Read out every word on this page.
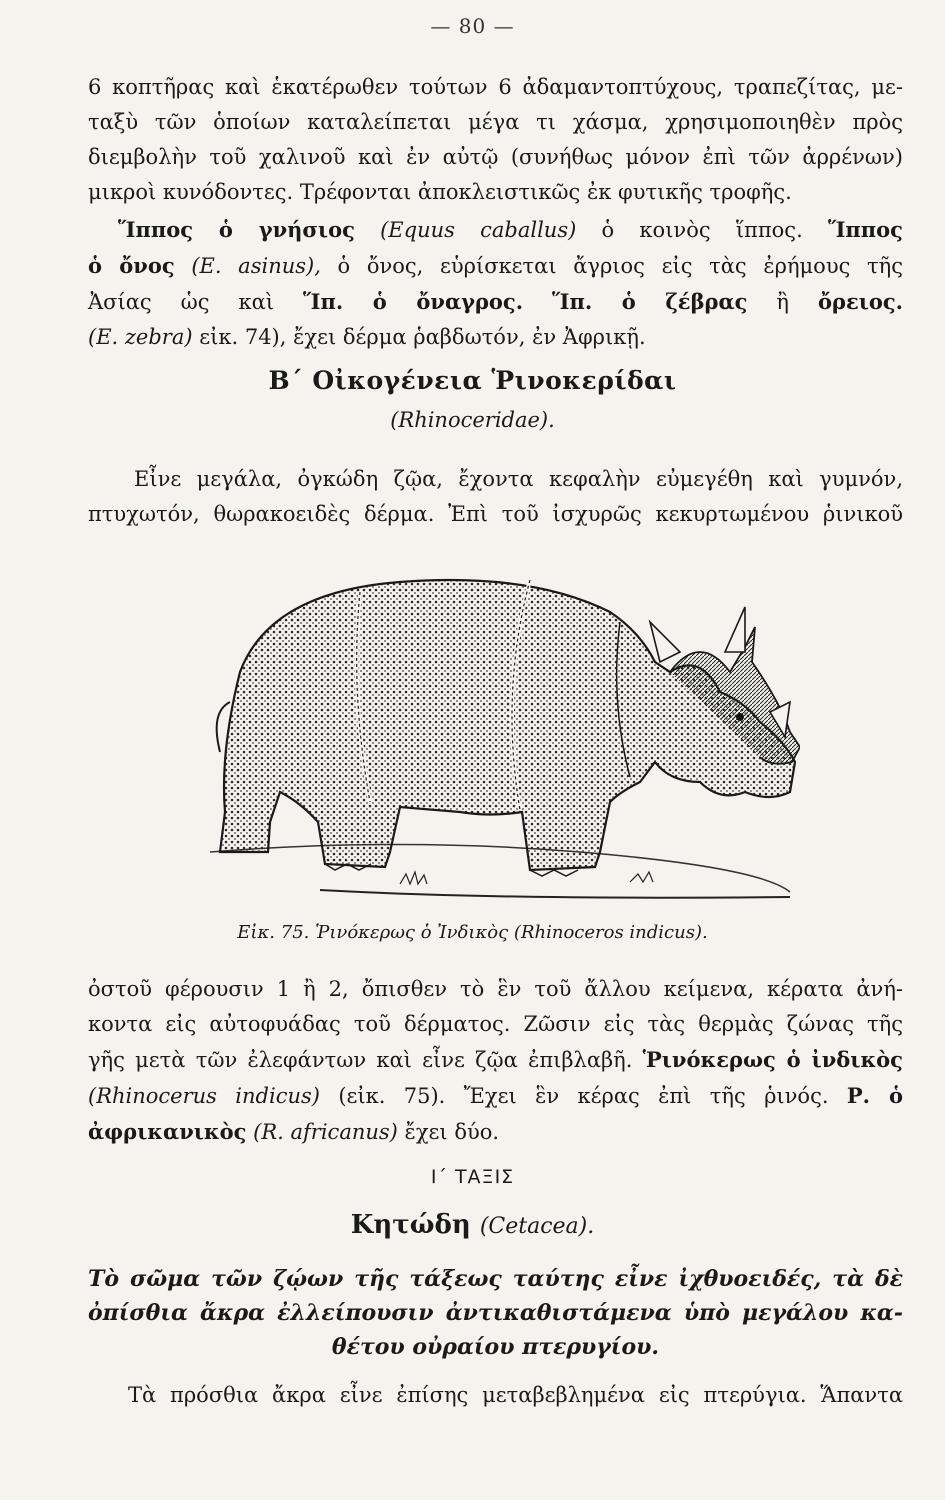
— 80 —
6 κοπτῆρας καὶ ἑκατέρωθεν τούτων 6 ἀδαμαντοπτύχους, τραπεζίτας, με-
ταξὺ τῶν ὁποίων καταλείπεται μέγα τι χάσμα, χρησιμοποιηθὲν πρὸς
διεμβολὴν τοῦ χαλινοῦ καὶ ἐν αὐτῷ (συνήθως μόνον ἐπὶ τῶν ἀρρένων)
μικροὶ κυνόδοντες. Τρέφονται ἀποκλειστικῶς ἐκ φυτικῆς τροφῆς.
Ἵππος ὁ γνήσιος (Equus caballus) ὁ κοινὸς ἵππος. Ἵππος
ὁ ὄνος (E. asinus), ὁ ὄνος, εὑρίσκεται ἄγριος εἰς τὰς ἐρήμους τῆς
Ἀσίας ὡς καὶ Ἵπ. ὁ ὄναγρος. Ἵπ. ὁ ζέβρας ἢ ὄρειος.
(E. zebra) εἰκ. 74), ἔχει δέρμα ῥαβδωτόν, ἐν Ἀφρικῇ.
Β΄ Οἰκογένεια Ῥινοκερίδαι
(Rhinoceridae).
Εἶνε μεγάλα, ὀγκώδη ζῷα, ἔχοντα κεφαλὴν εὐμεγέθη καὶ γυμνόν,
πτυχωτόν, θωρακοειδὲς δέρμα. Ἐπὶ τοῦ ἰσχυρῶς κεκυρτωμένου ῥινικοῦ
Εἰκ. 75. Ῥινόκερως ὁ Ἰνδικὸς (Rhinoceros indicus).
ὀστοῦ φέρουσιν 1 ἢ 2, ὄπισθεν τὸ ἓν τοῦ ἄλλου κείμενα, κέρατα ἀνή-
κοντα εἰς αὐτοφυάδας τοῦ δέρματος. Ζῶσιν εἰς τὰς θερμὰς ζώνας τῆς
γῆς μετὰ τῶν ἐλεφάντων καὶ εἶνε ζῷα ἐπιβλαβῆ. Ῥινόκερως ὁ ἰνδικὸς
(Rhinocerus indicus) (εἰκ. 75). Ἔχει ἓν κέρας ἐπὶ τῆς ῥινός. Ρ. ὁ
ἀφρικανικὸς (R. africanus) ἔχει δύο.
Ι΄ ΤΑΞΙΣ
Κητώδη (Cetacea).
Τὸ σῶμα τῶν ζῴων τῆς τάξεως ταύτης εἶνε ἰχθυοειδές, τὰ δὲ
ὀπίσθια ἄκρα ἐλλείπουσιν ἀντικαθιστάμενα ὑπὸ μεγάλου κα-
θέτου οὐραίου πτερυγίου.
Τὰ πρόσθια ἄκρα εἶνε ἐπίσης μεταβεβλημένα εἰς πτερύγια. Ἅπαντα
